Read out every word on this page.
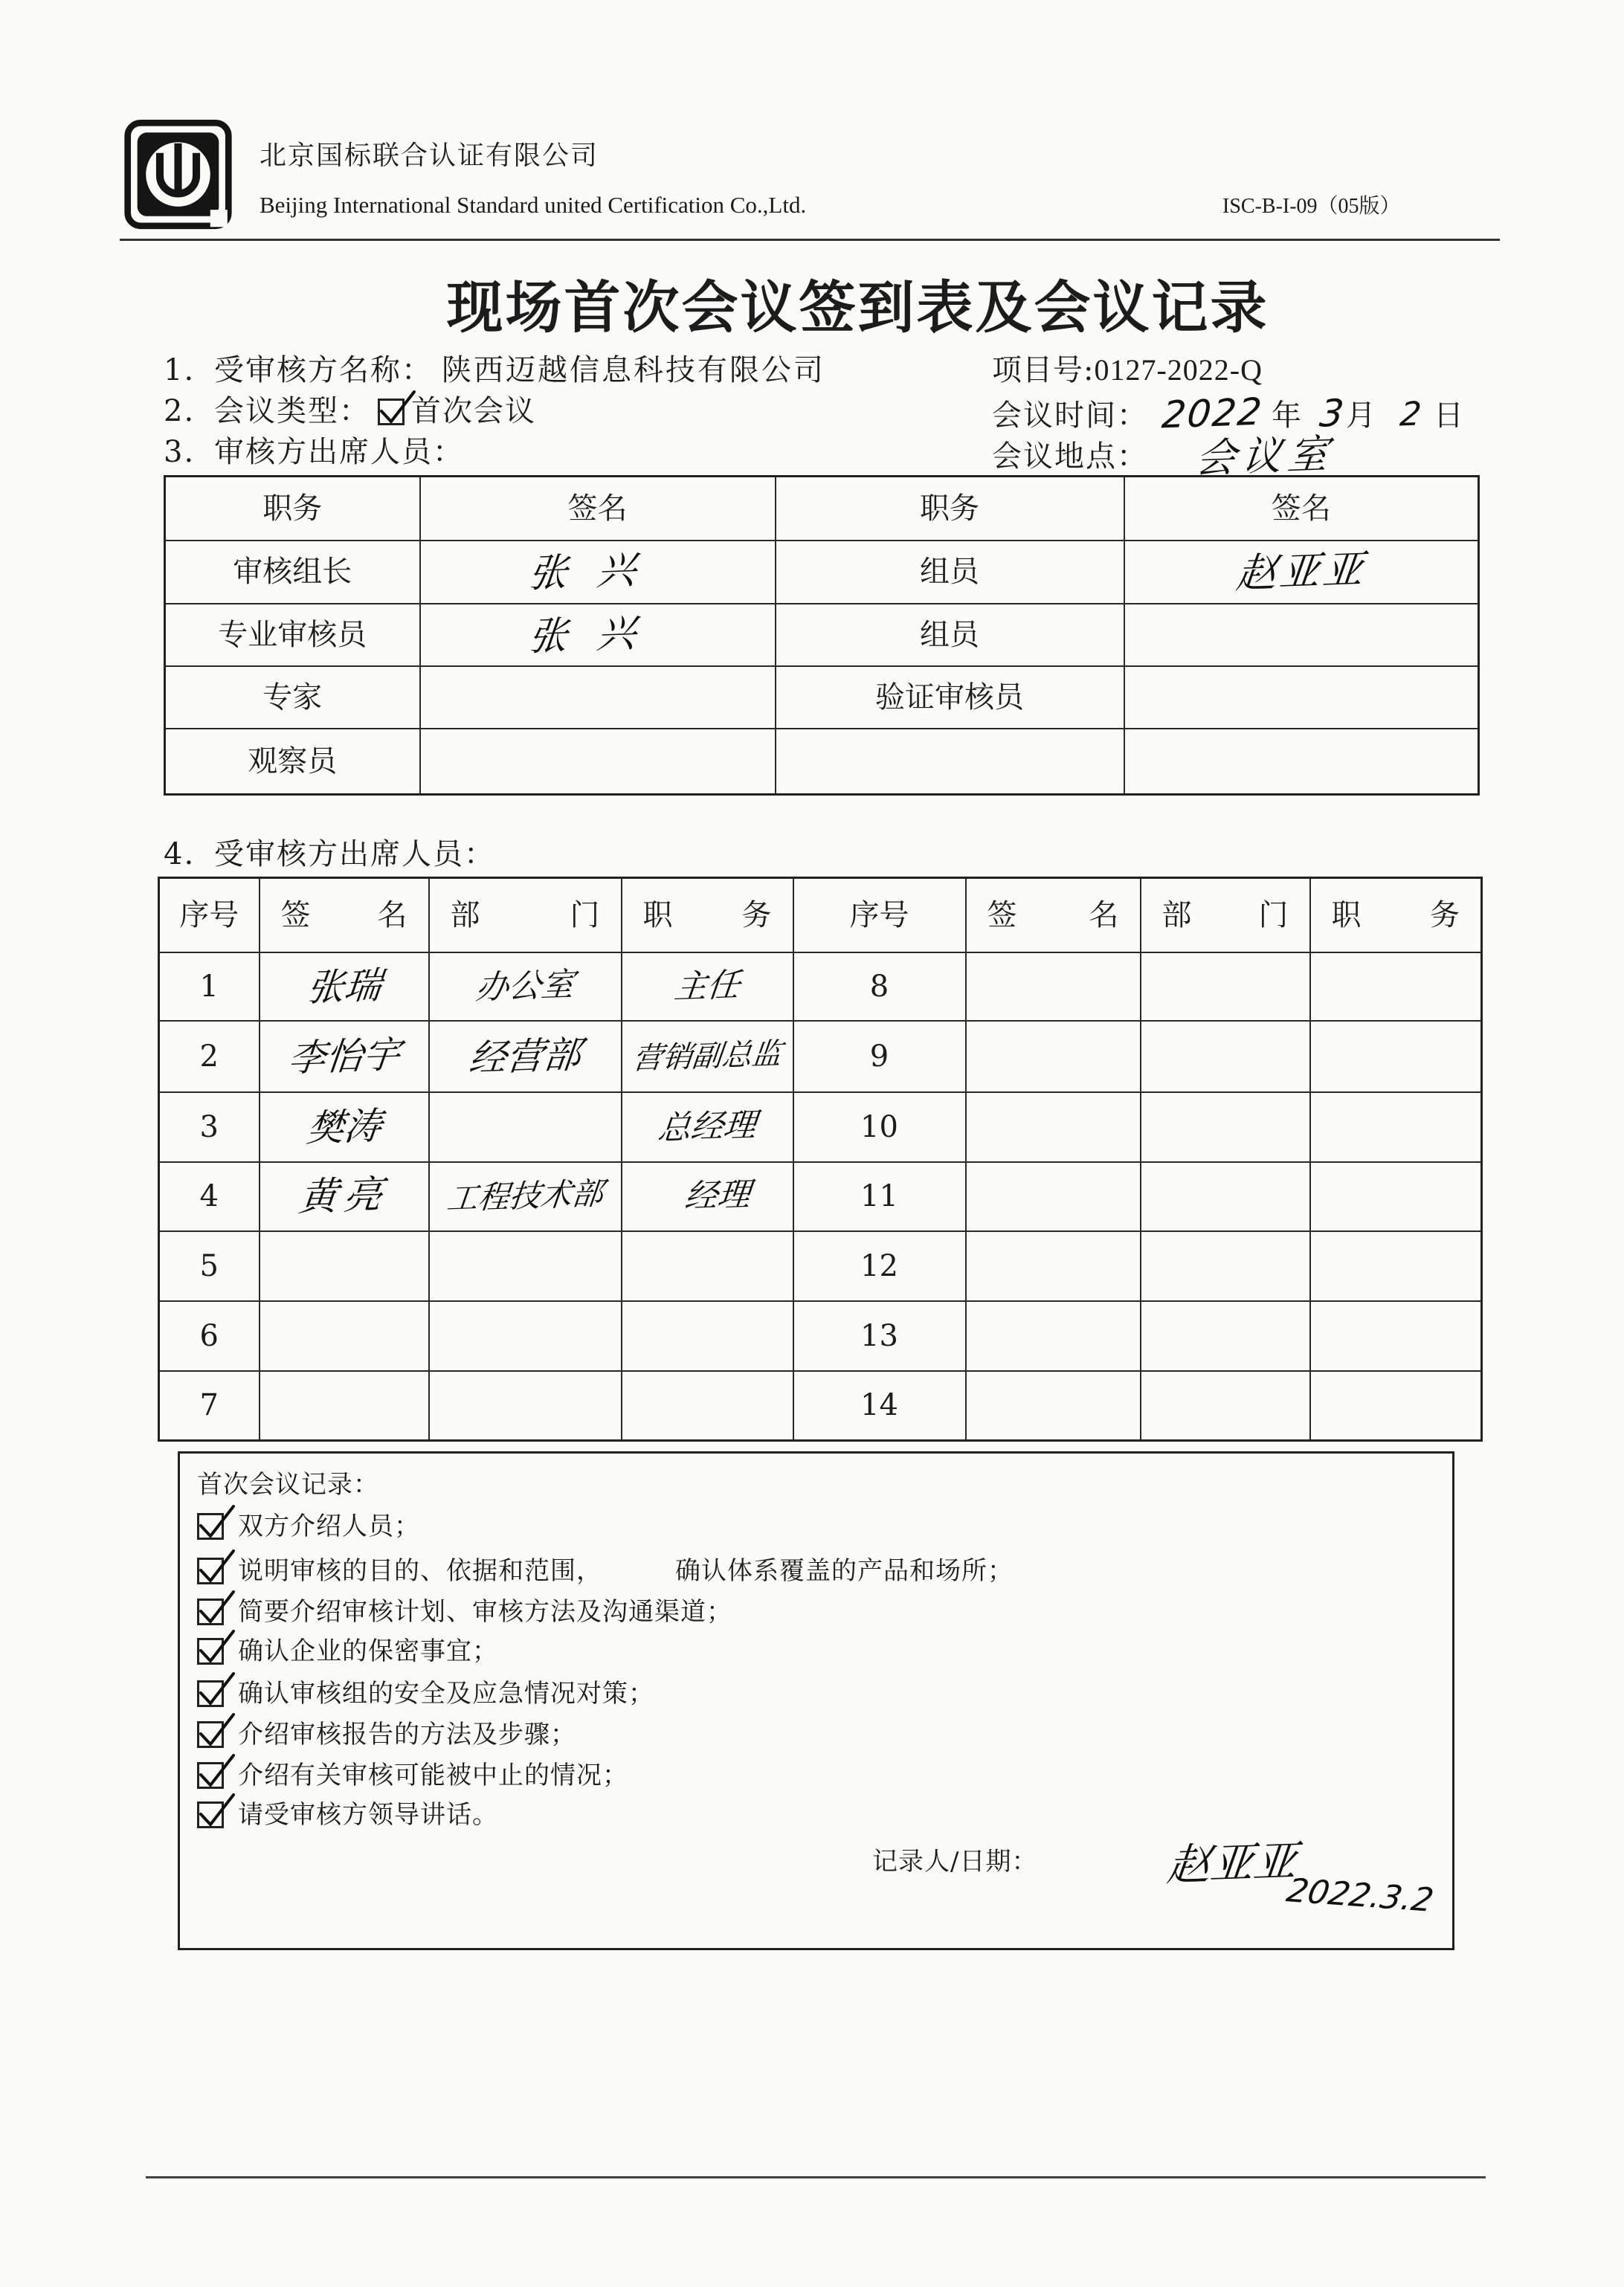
北京国标联合认证有限公司
Beijing International Standard united Certification Co.,Ltd.	ISC-B-I-09（05版）
现场首次会议签到表及会议记录
1. 受审核方名称： 陕西迈越信息科技有限公司
2. 会议类型： 首次会议
3. 审核方出席人员：
项目号:0127-2022-Q
会议时间： 2022 年 3 月 2 日
会议地点： 会议室
职务	签名	职务	签名
审核组长	张兴	组员	赵亚亚
专业审核员	张兴	组员	
专家		验证审核员	
观察员			
4. 受审核方出席人员：
序号	签　　名	部　　门	职　　务	序号	签　　名	部　　门	职　　务

1	张瑞	办公室	主任	8			
2	李怡宇	经营部	营销副总监	9			
3	樊涛		总经理	10			
4	黄亮	工程技术部	经理	11			
5				12			
6				13			
7				14			
首次会议记录：
双方介绍人员；
说明审核的目的、依据和范围，	确认体系覆盖的产品和场所；
简要介绍审核计划、审核方法及沟通渠道；
确认企业的保密事宜；
确认审核组的安全及应急情况对策；
介绍审核报告的方法及步骤；
介绍有关审核可能被中止的情况；
请受审核方领导讲话。
记录人/日期：	赵亚亚
2022.3.2
